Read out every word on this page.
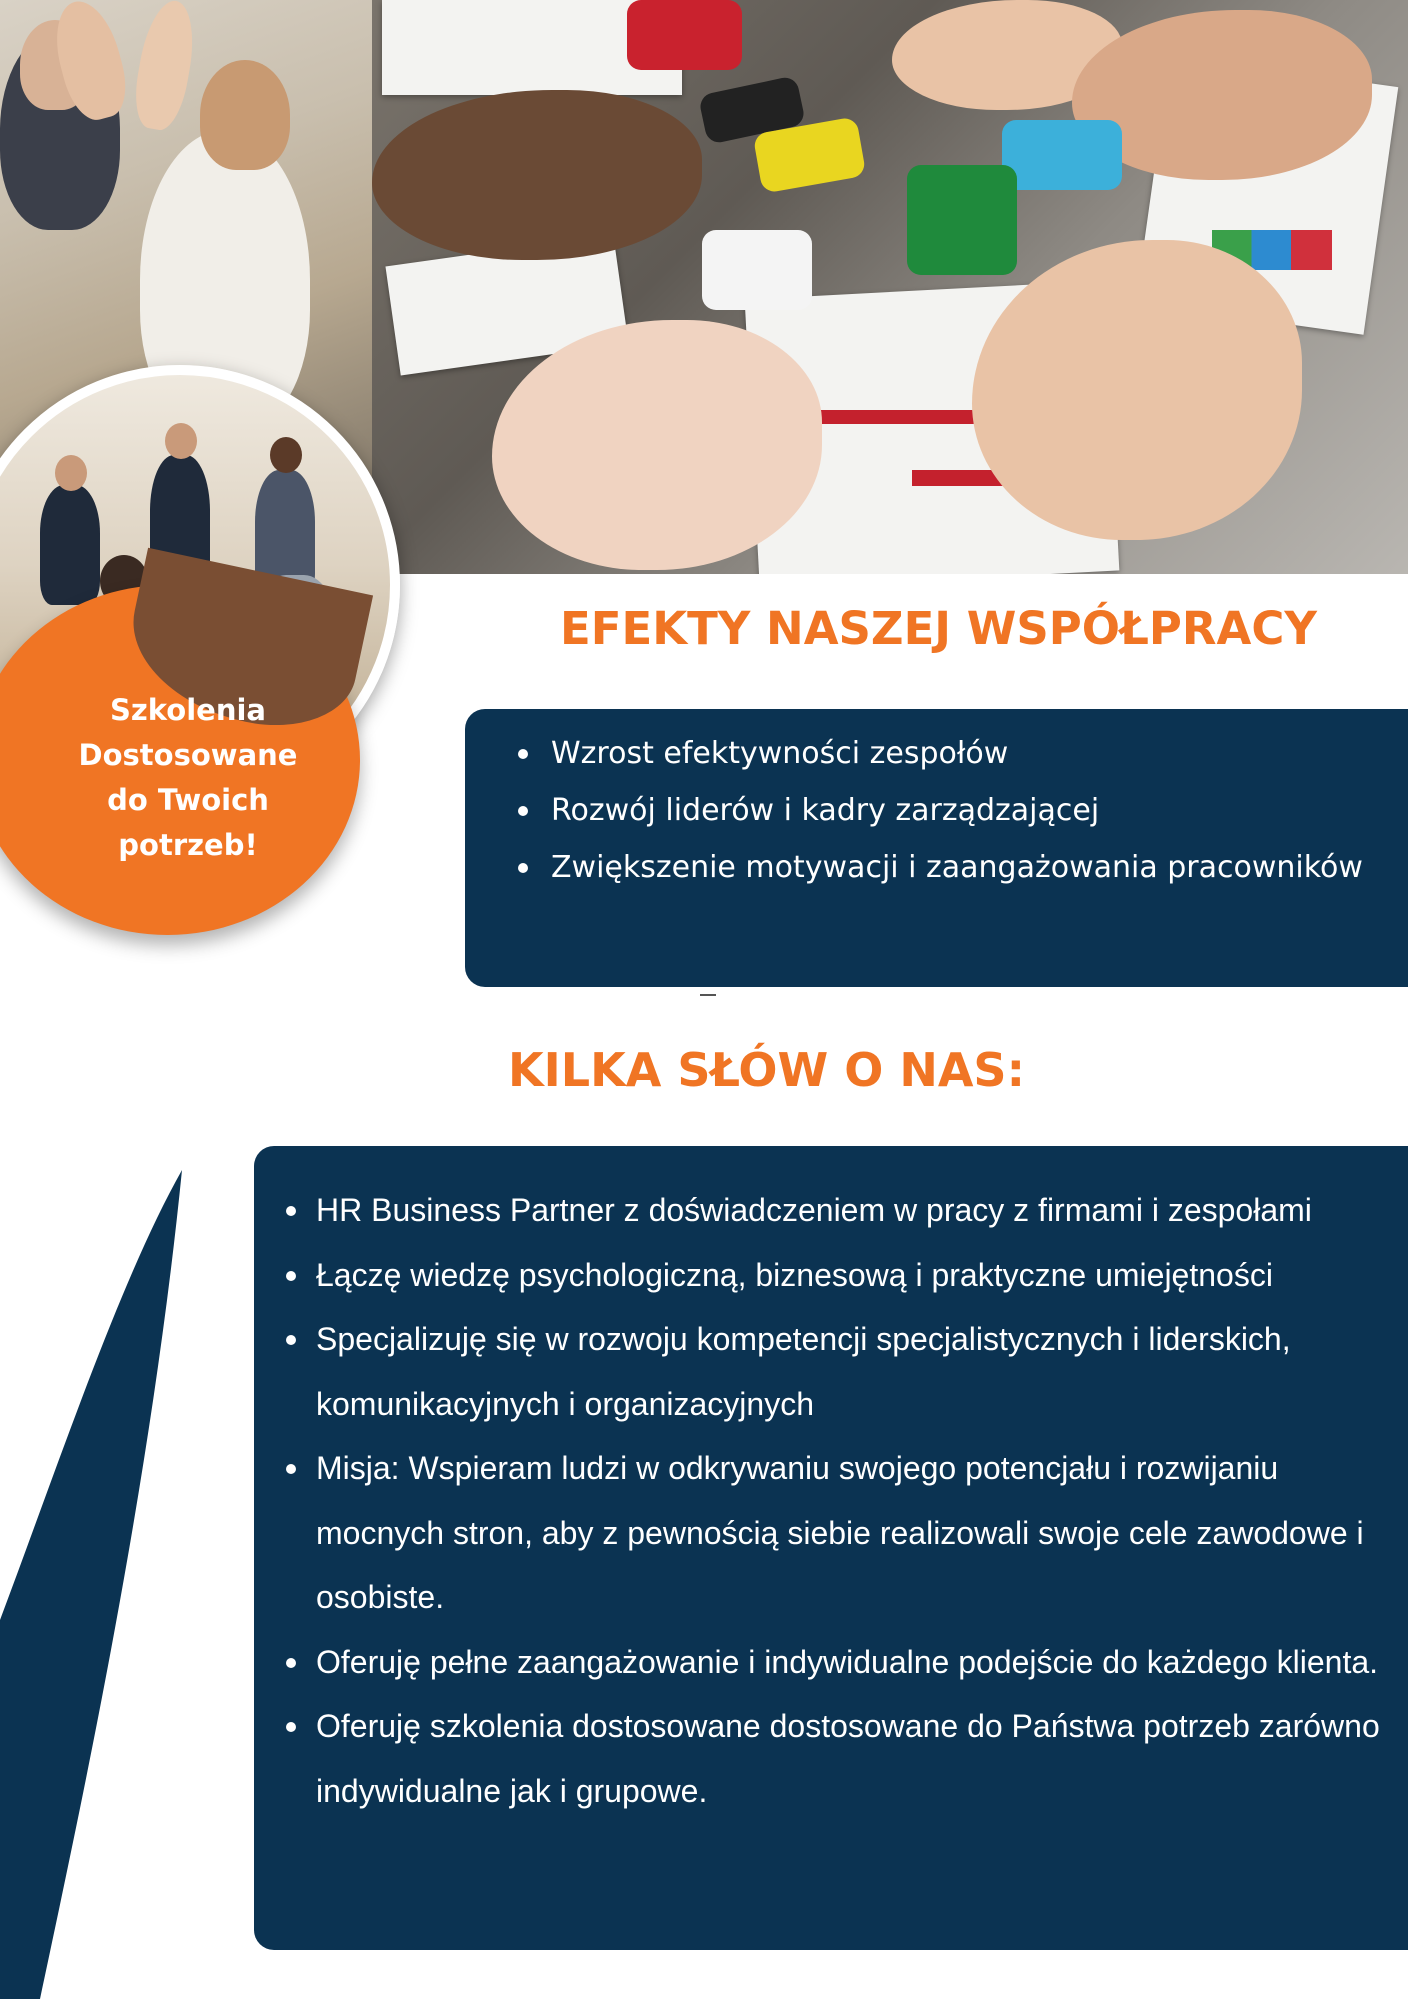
Szkolenia
Dostosowane
do Twoich
potrzeb!
EFEKTY NASZEJ WSPÓŁPRACY
Wzrost efektywności zespołów
Rozwój liderów i kadry zarządzającej
Zwiększenie motywacji i zaangażowania pracowników
KILKA SŁÓW O NAS:
HR Business Partner z doświadczeniem w pracy z firmami i zespołami
Łączę wiedzę psychologiczną, biznesową i praktyczne umiejętności
Specjalizuję się w rozwoju kompetencji specjalistycznych i liderskich, komunikacyjnych i organizacyjnych
Misja: Wspieram ludzi w odkrywaniu swojego potencjału i rozwijaniu mocnych stron, aby z pewnością siebie realizowali swoje cele zawodowe i osobiste.
Oferuję pełne zaangażowanie i indywidualne podejście do każdego klienta.
Oferuję szkolenia dostosowane dostosowane do Państwa potrzeb zarówno indywidualne jak i grupowe.
